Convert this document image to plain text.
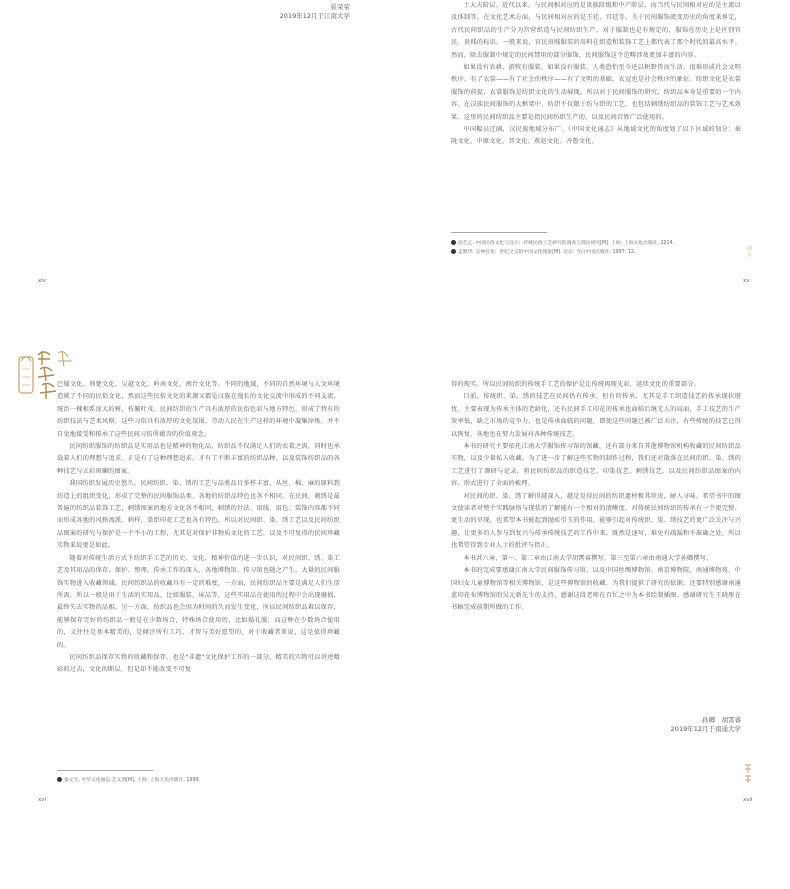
崔荣荣
2019年12月于江南大学
xiv

士大夫阶层。近代以来，与民间相对应的是贵族阶级和中产阶层，而当代与民间相对应的是主流以及体制等。在文化艺术方面，与民间相对应的是王廷、宫廷等。关于民间服饰流变历史的角度来界定，古代民间织品的生产分为宫营织造与民间纺织生产，对于服制也是有规定的，服饰在历史上是区别官民、贵贱的标识。一般来说，官民贵贱服装的用料在织造和装饰工艺上都代表了那个时代的最高水平。然而，除去服制中规定的民间禁用的部分服饰，民间服饰这个范畴涉及更加丰富的内容。

如果没有农耕、游牧有服装，如果没有服装，人类恐怕至今还以树野兽而生活，很难形成社会文明秩序。有了衣裳——有了社会的秩序——有了文明的基础，衣冠也是社会秩序的象征。纺织文化是衣裳服饰的前提，衣裳服饰是纺织文化的生动展现。所以对于民间服饰的研究，纺织品本身是重要的一个内容。在汉族民间服饰的大框架中，纺织不仅限于纺与织的工艺，也包括刺绣纺织品的装饰工艺与艺术效果。这里的民间纺织品主要是指民间纺织生产的，以及民间百姓广泛使用的。

中国幅员辽阔，汉民族地域分布广。《中国文化通志》从地域文化的角度划了以下区域的划分：秦陇文化、中原文化、晋文化、燕赵文化、齐鲁文化、

徐艺乙. 中国民俗文化与设计：传统民俗工艺研究的调查与理论研究[M]. 上海: 上海文化出版社, 2014.
孟繁华. 众神狂欢：世纪之交的中国文化现象[M]. 北京: 今日中国出版社, 1997: 12.	前言
xv

巴蜀文化、荆楚文化、吴越文化、岭南文化、闽台文化等。不同的地域，不同的自然环境与人文环境造就了不同的民俗文化，然而这些民俗文化的来源又都是汉族在漫长的文化交流中形成的不同支流，统治一棵根系庞大的树，枝繁叶茂。民间纺织的生产具有浓厚的民俗色彩与地方特色，形成了特有的纺织技法与艺术风格，这些习俗具有浓厚的文化氛围，劳动人民在生产这样的环境中凝集淬炼，并不自觉地接受和传承了这些民间习俗所蕴含的价值观念。

民间纺织服饰的纺织品是实用品也是精神的物化品，纺织品不仅满足人们的衣着之需，同时也承载着人们的理想与追求。正是有了这种理想追求，才有了不断丰富的纺织品种，以及装饰纺织品的各种技艺与五彩斑斓的图案。

我国纺织发展历史悠久，民间纺织、染、绣的工艺与品类品目多样丰富，从丝、棉、麻的原料到纺造上的组织变化，形成了完整的民间服饰品类，各地的纺织品特色也各不相同。在民间，刺绣是最普遍的纺织品装饰工艺，刺绣图案的地方文化各不相同，刺绣的针法、用线、用色、装饰内容都不同而形成各地的风格流派。刺样，染织印花工艺也各有特色，所以对民间织、染、绣工艺以及民间纺织品图案的研究与保护是一个不小的工程，尤其是对保护非物质文化的工艺，以及不可复得的民间珍藏实物来说更是如此。

随着对传统生活方式下纺织手工艺的历史、文化、精神价值的进一步认识，对民间织、绣、染工艺及其用品的保存、保护、整理、传承工作的深入，各地博物馆、传习馆也随之产生，大量的民间服饰实物进入收藏领域。民间纺织品的收藏具有一定的难度，一方面，民间纺织品主要是满足人们生活所需，所以一般是用于生活的实用品，比如服装、床品等，这些实用品在使用的过程中会出现磨损，最终失去实物的品相。另一方面，纺织品也会因为时间的久而发生变化，所以民间纺织品难以保存，能够保存完好的纺织品一般是在少数场合，特殊场合使用的，比如婚礼服，而这种在少数场合使用的，又往往是基本精美的，是倾注所有工巧、才智与美好愿望的，对于收藏者来说，这是值得珍藏的。

民间纺织品保存实物的收藏和保存，也是"非遗"文化保护工作的一部分。精美的实物可以讲述精彩的过去，文化的断层，但是却不能改变不可复

秦文生. 中华文化通志·艺文典[M]. 上海: 上海人民出版社, 1999.
xvi

得的现实。所以民间纺织的传统手工艺的保护是让传统再现光彩，延续文化的重要部分。

目前，传统织、染、绣的技艺在民间仍有传承，但有的传承，尤其是手工织造技艺的传承现状堪忧。主要表现为传承主体的老龄化，还有民间手工印花的传承也面临后继无人的局面，手工技艺的生产效率低，缺乏市场的竞争力，也是传承面临的问题，即使这些问题已被广泛关注，有些传统的技艺已得以恢复，各地也在努力发展对各种传统技艺。

本书的研究主要依托江南大学服饰传习馆的馆藏，还有部分来自其他博物馆机构收藏的民间纺织品实物，以及少量私人收藏。为了进一步了解这些实物的制作过程，我们还对散落在民间的织、染、绣的工艺进行了调研与记录，将民间纺织品的织造技艺、印染技艺、刺绣技艺，以及民间纺织品图案的内容、形式进行了全面的梳理。

对民间的织、染、绣了解得越深入，越是觉得民间的纺织遗材极其珍贵，耐人寻味。希望书中的图文使读者对整个实践脉络与现状的了解能有一个相对的清晰度。对传统民间纺织的传承有一个更完整、更生动的呈现，也希望本书能起到抛砖引玉的作用，能够引起对传统织、染、绣技艺的更广泛关注与兴趣，让更多的人参与到复兴与传承传统技艺的工作中来。既然是速写，难免有疏漏和不准确之处，所以也希望得到专业人士的批评与指正。

本书共六章，第一、第二章由江南大学胡霄睿撰写，第三至第六章由南通大学孙卿撰写。

本书的完成要感谢江南大学民间服饰传习馆，以及中国丝绸博物馆、南京博物院、南通博物苑、中国妇女儿童博物馆等相关博物馆，是这些博物馆的收藏，为我们提供了研究的依据，还要特别感谢南通蓝印花布博物馆的吴元新先生的支持，感谢这段老师在百忙之中为本书绘制插图。感谢研究生王晓彤在书稿完成前期所做的工作。

孙卿　胡霄睿
2019年12月于南通大学
xvii
